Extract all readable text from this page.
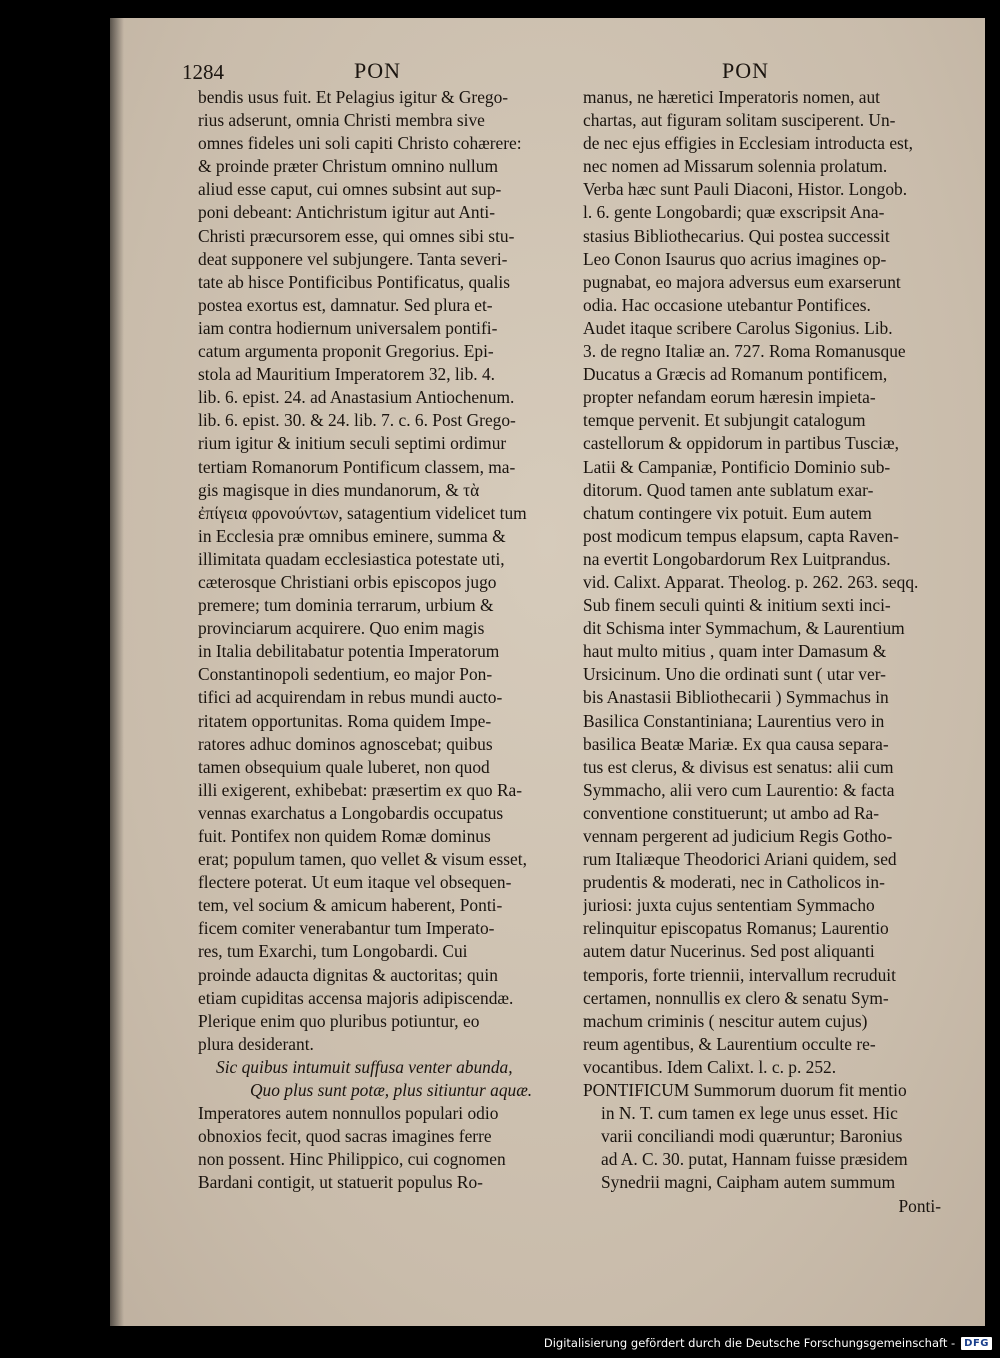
1284	PON	PON
bendis usus fuit. Et Pelagius igitur & Grego-
rius adserunt, omnia Christi membra sive
omnes fideles uni soli capiti Christo cohærere:
& proinde præter Christum omnino nullum
aliud esse caput, cui omnes subsint aut sup-
poni debeant: Antichristum igitur aut Anti-
Christi præcursorem esse, qui omnes sibi stu-
deat supponere vel subjungere. Tanta severi-
tate ab hisce Pontificibus Pontificatus, qualis
postea exortus est, damnatur. Sed plura et-
iam contra hodiernum universalem pontifi-
catum argumenta proponit Gregorius. Epi-
stola ad Mauritium Imperatorem 32, lib. 4.
lib. 6. epist. 24. ad Anastasium Antiochenum.
lib. 6. epist. 30. & 24. lib. 7. c. 6. Post Grego-
rium igitur & initium seculi septimi ordimur
tertiam Romanorum Pontificum classem, ma-
gis magisque in dies mundanorum, & τὰ
ἐπίγεια φρονούντων, satagentium videlicet tum
in Ecclesia præ omnibus eminere, summa &
illimitata quadam ecclesiastica potestate uti,
cæterosque Christiani orbis episcopos jugo
premere; tum dominia terrarum, urbium &
provinciarum acquirere. Quo enim magis
in Italia debilitabatur potentia Imperatorum
Constantinopoli sedentium, eo major Pon-
tifici ad acquirendam in rebus mundi aucto-
ritatem opportunitas. Roma quidem Impe-
ratores adhuc dominos agnoscebat; quibus
tamen obsequium quale luberet, non quod
illi exigerent, exhibebat: præsertim ex quo Ra-
vennas exarchatus a Longobardis occupatus
fuit. Pontifex non quidem Romæ dominus
erat; populum tamen, quo vellet & visum esset,
flectere poterat. Ut eum itaque vel obsequen-
tem, vel socium & amicum haberent, Ponti-
ficem comiter venerabantur tum Imperato-
res, tum Exarchi, tum Longobardi. Cui
proinde adaucta dignitas & auctoritas; quin
etiam cupiditas accensa majoris adipiscendæ.
Plerique enim quo pluribus potiuntur, eo
plura desiderant.
Sic quibus intumuit suffusa venter abunda,
Quo plus sunt potæ, plus sitiuntur aquæ.
Imperatores autem nonnullos populari odio
obnoxios fecit, quod sacras imagines ferre
non possent. Hinc Philippico, cui cognomen
Bardani contigit, ut statuerit populus Ro-
manus, ne hæretici Imperatoris nomen, aut
chartas, aut figuram solitam susciperent. Un-
de nec ejus effigies in Ecclesiam introducta est,
nec nomen ad Missarum solennia prolatum.
Verba hæc sunt Pauli Diaconi, Histor. Longob.
l. 6. gente Longobardi; quæ exscripsit Ana-
stasius Bibliothecarius. Qui postea successit
Leo Conon Isaurus quo acrius imagines op-
pugnabat, eo majora adversus eum exarserunt
odia. Hac occasione utebantur Pontifices.
Audet itaque scribere Carolus Sigonius. Lib.
3. de regno Italiæ an. 727. Roma Romanusque
Ducatus a Græcis ad Romanum pontificem,
propter nefandam eorum hæresin impieta-
temque pervenit. Et subjungit catalogum
castellorum & oppidorum in partibus Tusciæ,
Latii & Campaniæ, Pontificio Dominio sub-
ditorum. Quod tamen ante sublatum exar-
chatum contingere vix potuit. Eum autem
post modicum tempus elapsum, capta Raven-
na evertit Longobardorum Rex Luitprandus.
vid. Calixt. Apparat. Theolog. p. 262. 263. seqq.
Sub finem seculi quinti & initium sexti inci-
dit Schisma inter Symmachum, & Laurentium
haut multo mitius , quam inter Damasum &
Ursicinum. Uno die ordinati sunt ( utar ver-
bis Anastasii Bibliothecarii ) Symmachus in
Basilica Constantiniana; Laurentius vero in
basilica Beatæ Mariæ. Ex qua causa separa-
tus est clerus, & divisus est senatus: alii cum
Symmacho, alii vero cum Laurentio: & facta
conventione constituerunt; ut ambo ad Ra-
vennam pergerent ad judicium Regis Gotho-
rum Italiæque Theodorici Ariani quidem, sed
prudentis & moderati, nec in Catholicos in-
juriosi: juxta cujus sententiam Symmacho
relinquitur episcopatus Romanus; Laurentio
autem datur Nucerinus. Sed post aliquanti
temporis, forte triennii, intervallum recruduit
certamen, nonnullis ex clero & senatu Sym-
machum criminis ( nescitur autem cujus)
reum agentibus, & Laurentium occulte re-
vocantibus. Idem Calixt. l. c. p. 252.
PONTIFICUM Summorum duorum fit mentio
in N. T. cum tamen ex lege unus esset. Hic
varii conciliandi modi quæruntur; Baronius
ad A. C. 30. putat, Hannam fuisse præsidem
Synedrii magni, Caipham autem summum
Ponti-
Digitalisierung gefördert durch die Deutsche Forschungsgemeinschaft - DFG
